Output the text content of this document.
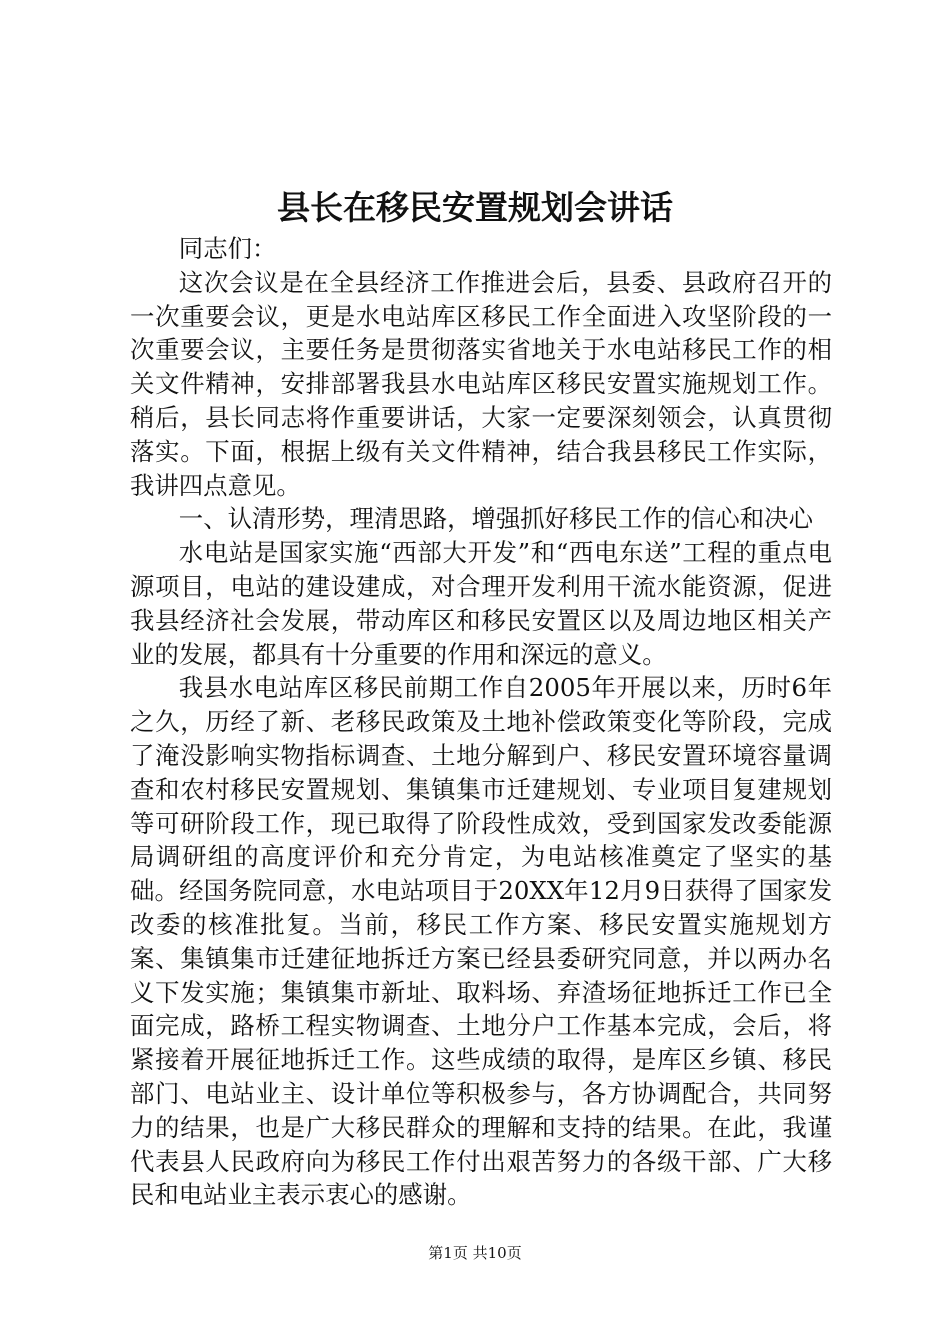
县长在移民安置规划会讲话

同志们：

这次会议是在全县经济工作推进会后，县委、县政府召开的一次重要会议，更是水电站库区移民工作全面进入攻坚阶段的一次重要会议，主要任务是贯彻落实省地关于水电站移民工作的相关文件精神，安排部署我县水电站库区移民安置实施规划工作。稍后，县长同志将作重要讲话，大家一定要深刻领会，认真贯彻落实。下面，根据上级有关文件精神，结合我县移民工作实际，我讲四点意见。

一、认清形势，理清思路，增强抓好移民工作的信心和决心

水电站是国家实施“西部大开发”和“西电东送”工程的重点电源项目，电站的建设建成，对合理开发利用干流水能资源，促进我县经济社会发展，带动库区和移民安置区以及周边地区相关产业的发展，都具有十分重要的作用和深远的意义。

我县水电站库区移民前期工作自2005年开展以来，历时6年之久，历经了新、老移民政策及土地补偿政策变化等阶段，完成了淹没影响实物指标调查、土地分解到户、移民安置环境容量调查和农村移民安置规划、集镇集市迁建规划、专业项目复建规划等可研阶段工作，现已取得了阶段性成效，受到国家发改委能源局调研组的高度评价和充分肯定，为电站核准奠定了坚实的基础。经国务院同意，水电站项目于20XX年12月9日获得了国家发改委的核准批复。当前，移民工作方案、移民安置实施规划方案、集镇集市迁建征地拆迁方案已经县委研究同意，并以两办名义下发实施；集镇集市新址、取料场、弃渣场征地拆迁工作已全面完成，路桥工程实物调查、土地分户工作基本完成，会后，将紧接着开展征地拆迁工作。这些成绩的取得，是库区乡镇、移民部门、电站业主、设计单位等积极参与，各方协调配合，共同努力的结果，也是广大移民群众的理解和支持的结果。在此，我谨代表县人民政府向为移民工作付出艰苦努力的各级干部、广大移民和电站业主表示衷心的感谢。

第1页 共10页
